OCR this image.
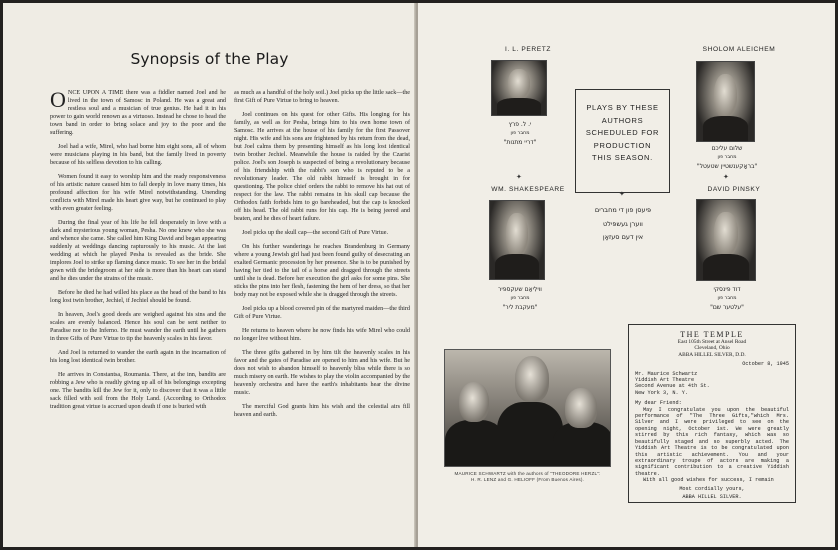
Synopsis of the Play

ONCE UPON A TIME there was a fiddler named Joel and he lived in the town of Samosc in Poland. He was a great and restless soul and a musician of true genius. He had it in his power to gain world renown as a virtuoso. Instead he chose to head the town band in order to bring solace and joy to the poor and the suffering.

Joel had a wife, Mirel, who had borne him eight sons, all of whom were musicians playing in his band, but the family lived in poverty because of his selfless devotion to his calling.

Women found it easy to worship him and the ready responsiveness of his artistic nature caused him to fall deeply in love many times, his profound affection for his wife Mirel notwithstanding. Unending conflicts with Mirel made his heart give way, but he continued to play with even greater feeling.

During the final year of his life he fell desperately in love with a dark and mysterious young woman, Pesha. No one knew who she was and whence she came. She called him King David and began appearing suddenly at weddings dancing rapturously to his music. At the last wedding at which he played Pesha is revealed as the bride. She implores Joel to strike up flaming dance music. To see her in the bridal gown with the bridegroom at her side is more than his heart can stand and he dies under the strains of the music.

Before he died he had willed his place as the head of the band to his long lost twin brother, Jechiel, if Jechiel should be found.

In heaven, Joel's good deeds are weighed against his sins and the scales are evenly balanced. Hence his soul can be sent neither to Paradise nor to the Inferno. He must wander the earth until he gathers in three Gifts of Pure Virtue to tip the heavenly scales in his favor.

And Joel is returned to wander the earth again in the incarnation of his long lost identical twin brother.

He arrives in Constantsa, Roumania. There, at the inn, bandits are robbing a Jew who is readily giving up all of his belongings excepting one. The bandits kill the Jew for it, only to discover that it was a little sack filled with soil from the Holy Land. (According to Orthodox tradition great virtue is accrued upon death if one is buried with

as much as a handful of the holy soil.) Joel picks up the little sack—the first Gift of Pure Virtue to bring to heaven.

Joel continues on his quest for other Gifts. His longing for his family, as well as for Pesha, brings him to his own home town of Samosc. He arrives at the house of his family for the first Passover night. His wife and his sons are frightened by his return from the dead, but Joel calms them by presenting himself as his long lost identical twin brother Jechiel. Meanwhile the house is raided by the Czarist police. Joel's son Joseph is suspected of being a revolutionary because of his friendship with the rabbi's son who is reputed to be a revolutionary leader. The old rabbi himself is brought in for questioning. The police chief orders the rabbi to remove his hat out of respect for the law. The rabbi remains in his skull cap because the Orthodox faith forbids him to go bareheaded, but the cap is knocked off his head. The old rabbi runs for his cap. He is being jeered and beaten, and he dies of heart failure.

Joel picks up the skull cap—the second Gift of Pure Virtue.

On his further wanderings he reaches Brandenburg in Germany where a young Jewish girl had just been found guilty of desecrating an exalted Germanic procession by her presence. She is to be punished by having her tied to the tail of a horse and dragged through the streets until she is dead. Before her execution the girl asks for some pins. She sticks the pins into her flesh, fastening the hem of her dress, so that her body may not be exposed while she is dragged through the streets.

Joel picks up a blood covered pin of the martyred maiden—the third Gift of Pure Virtue.

He returns to heaven where he now finds his wife Mirel who could no longer live without him.

The three gifts gathered in by him tilt the heavenly scales in his favor and the gates of Paradise are opened to him and his wife. But he does not wish to abandon himself to heavenly bliss while there is so much misery on earth. He wishes to play the violin accompanied by the heavenly orchestra and have the earth's inhabitants hear the divine music.

The merciful God grants him his wish and the celestial airs fill heaven and earth.

I. L. PERETZ
י. ל. פרץ
מחבר פון
"דריי מתנות"
✦
WM. SHAKESPEARE
ווילִיאַם שעקספּיר
מחבר פון
"מעקבת ליר"
PLAYS BY THESE
AUTHORS
SCHEDULED FOR
PRODUCTION
THIS SEASON.
✦
פּיעסן פון די מחברים
ווערן געשפּילט
אין דעם סעזאָן
SHOLOM ALEICHEM
שלום עליכם
מחבר פון
"בראָקענשטיין שטעטל"
✦
DAVID PINSKY
דוד פּינסקי
מחבר פון
"עלטער שם"
MAURICE SCHWARTZ with the authors of "THEODORE HERZL":
H. R. LENZ and G. HELIOFF (From Buenos Aires).
THE TEMPLE
East 105th Street at Ansel Road
Cleveland, Ohio
ABBA HILLEL SILVER, D.D.
October 8, 1945
Mr. Maurice Schwartz
Yiddish Art Theatre
Second Avenue at 4th St.
New York 3, N. Y.
My dear Friend:
May I congratulate you upon the beautiful performance of "The Three Gifts,"which Mrs. Silver and I were privileged to see on the opening night, October 1st. We were greatly stirred by this rich fantasy, which was so beautifully staged and so superbly acted. The Yiddish Art Theatre is to be congratulated upon this artistic achievement. You and your extraordinary troupe of actors are making a significant contribution to a creative Yiddish theatre.
With all good wishes for success, I remain
Most cordially yours,
ABBA HILLEL SILVER.
